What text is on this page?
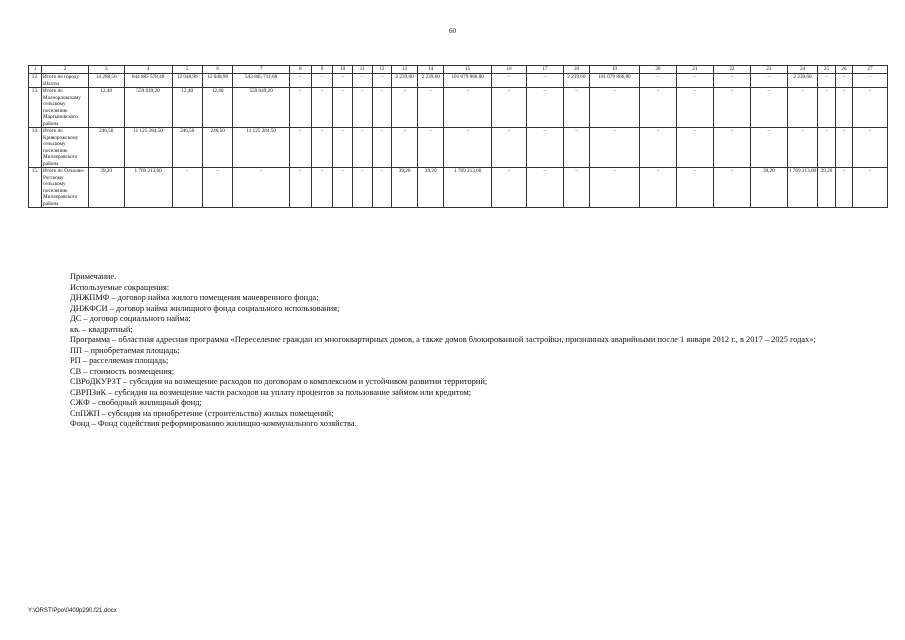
60
1	2	3	4	5	6	7	8	9	10	11	12	13	14	15	16	17	18	19	20	21	22	23	24	25	26	27
12.	Итого по городу Шахты	14 288,56	644 885 578,48	12 048,96	12 048,96	543 805 711,68	–	–	–	–	–	2 239,60	2 239,60	101 079 866,80	–	–	2 239,60	101 079 866,80	–	–	–	–	2 239,60	–	–	–
13.	Итого по Малоорловскому сельскому поселению Мартыновского района	12,40	559 649,20	12,40	12,40	559 649,20	–	–	–	–	–	–	–	–	–	–	–	–	–	–	–	–	–	–	–	–
14.	Итого по Криворожскому сельскому поселению Миллеровского района	246,50	11 125 284,50	246,50	246,50	11 125 284,50	–	–	–	–	–	–	–	–	–	–	–	–	–	–	–	–	–	–	–	–
15.	Итого по Ольхово-Рогскому сельскому поселению Миллеровского района	39,20	1 769 213,60	–	–	–	–	–	–	–	–	39,20	39,20	1 769 213,60	–	–	–	–	–	–	–	39,20	1 769 213,60	39,20	–	–

Примечание.

Используемые сокращения:

ДНЖПМФ – договор найма жилого помещения маневренного фонда;

ДНЖФСИ – договор найма жилищного фонда социального использования;

ДС – договор социального найма;

кв. – квадратный;

Программа – областная адресная программа «Переселение граждан из многоквартирных домов, а также домов блокированной застройки, признанных аварийными после 1 января 2012 г., в 2017 – 2025 годах»;

ПП – приобретаемая площадь;

РП – расселяемая площадь;

СВ – стоимость возмещения;

СВРоДКУРЗТ – субсидия на возмещение расходов по договорам о комплексном и устойчивом развитии территорий;

СВРПЗиК – субсидия на возмещение части расходов на уплату процентов за пользование займом или кредитом;

СЖФ – свободный жилищный фонд;

СпПЖП – субсидия на приобретение (строительство) жилых помещений;

Фонд – Фонд содействия реформированию жилищно-коммунального хозяйства.

Y:\ORST\Ppo\0409p290.f21.docx
